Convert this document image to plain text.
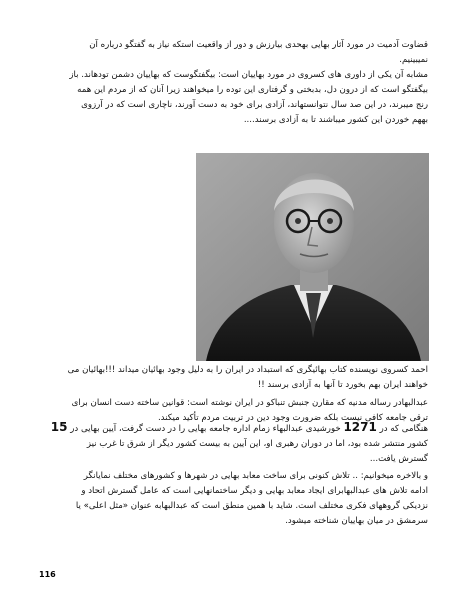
قضاوت آدمیت در مورد آثار بهایی بهحدی بیارزش و دور از واقعیت استکه نیاز به گفتگو درباره آن
نمیبینیم.

مشابه آن یکی از داوری های کسروی در مورد بهاییان است: بیگفتگوست که بهاییان دشمن تودهاند. باز
بیگفتگو است که از درون دل، بدبختی و گرفتاری این توده را میخواهند زیرا آنان که از مردم این همه
رنج میبرند، در این صد سال نتوانستهاند، آزادی برای خود به دست آورند، ناچاری است که در آرزوی
بههم خوردن این کشور میباشند تا به آزادی برسند....

احمد کسروی نویسنده کتاب بهائیگری که استبداد در ایران را به دلیل وجود بهائیان میداند !!!بهائیان می
خواهند ایران بهم بخورد تا آنها به آزادی برسند !!

عبدالبهادر رساله مدنیه که مقارن جنبش تنباکو در ایران نوشته است: قوانین ساخته دست انسان برای
ترقی جامعه کافی نیست بلکه ضرورت وجود دین در تربیت مردم تأکید میکند.

هنگامی که در 1271 خورشیدی عبدالبهاء زمام اداره جامعه بهایی را در دست گرفت، آیین بهایی در 15
کشور منتشر شده بود، اما در دوران رهبری او، این آیین به بیست کشور دیگر از شرق تا غرب نیز
گسترش یافت...

و بالاخره میخوانیم: .. تلاش کنونی برای ساخت معابد بهایی در شهرها و کشورهای مختلف نمایانگر
ادامه تلاش های عبدالبهابرای ایجاد معابد بهایی و دیگر ساختمانهایی است که عامل گسترش اتحاد و
نزدیکی گروههای فکری مختلف است. شاید با همین منطق است که عبدالبهابه عنوان «مثل اعلی» یا
سرمشق در میان بهاییان شناخته میشود.

116
